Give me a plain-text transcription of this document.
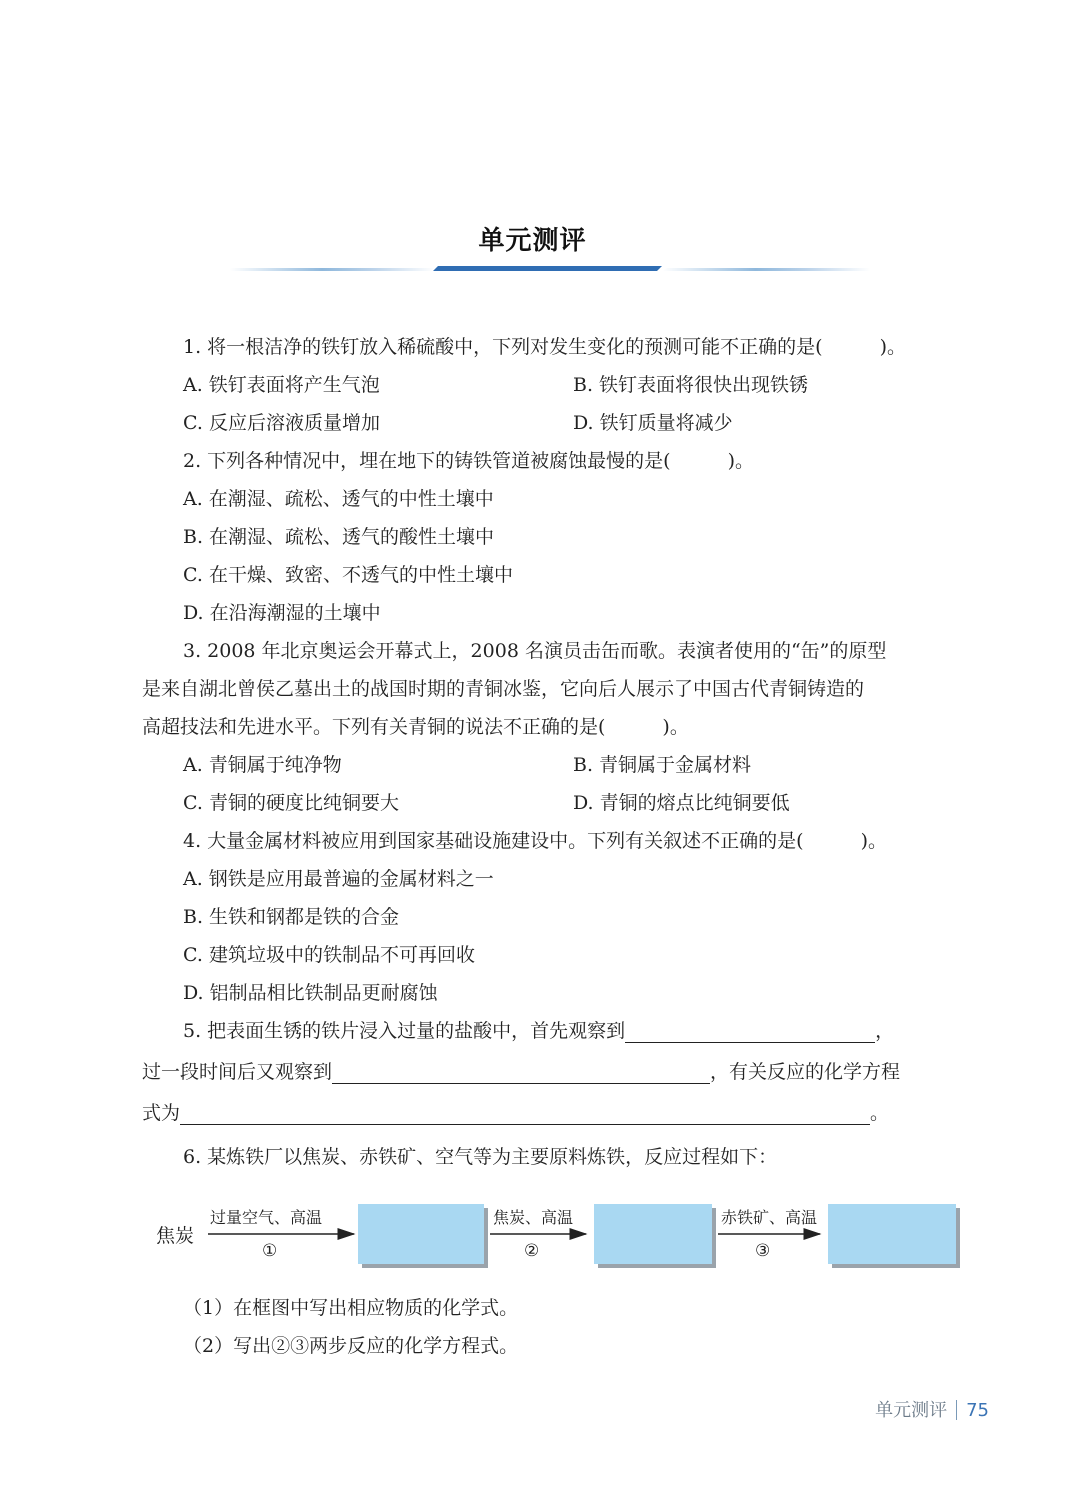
单元测评
1. 将一根洁净的铁钉放入稀硫酸中，下列对发生变化的预测可能不正确的是(　　　)。
A. 铁钉表面将产生气泡	B. 铁钉表面将很快出现铁锈
C. 反应后溶液质量增加	D. 铁钉质量将减少
2. 下列各种情况中，埋在地下的铸铁管道被腐蚀最慢的是(　　　)。
A. 在潮湿、疏松、透气的中性土壤中
B. 在潮湿、疏松、透气的酸性土壤中
C. 在干燥、致密、不透气的中性土壤中
D. 在沿海潮湿的土壤中
3. 2008 年北京奥运会开幕式上，2008 名演员击缶而歌。表演者使用的“缶”的原型
是来自湖北曾侯乙墓出土的战国时期的青铜冰鉴，它向后人展示了中国古代青铜铸造的
高超技法和先进水平。下列有关青铜的说法不正确的是(　　　)。
A. 青铜属于纯净物	B. 青铜属于金属材料
C. 青铜的硬度比纯铜要大	D. 青铜的熔点比纯铜要低
4. 大量金属材料被应用到国家基础设施建设中。下列有关叙述不正确的是(　　　)。
A. 钢铁是应用最普遍的金属材料之一
B. 生铁和钢都是铁的合金
C. 建筑垃圾中的铁制品不可再回收
D. 铝制品相比铁制品更耐腐蚀
5. 把表面生锈的铁片浸入过量的盐酸中，首先观察到	，
过一段时间后又观察到	，有关反应的化学方程
式为	。
6. 某炼铁厂以焦炭、赤铁矿、空气等为主要原料炼铁，反应过程如下：
焦炭
过量空气、高温
①
焦炭、高温
②
赤铁矿、高温
③
（1）在框图中写出相应物质的化学式。
（2）写出②③两步反应的化学方程式。
单元测评 75
